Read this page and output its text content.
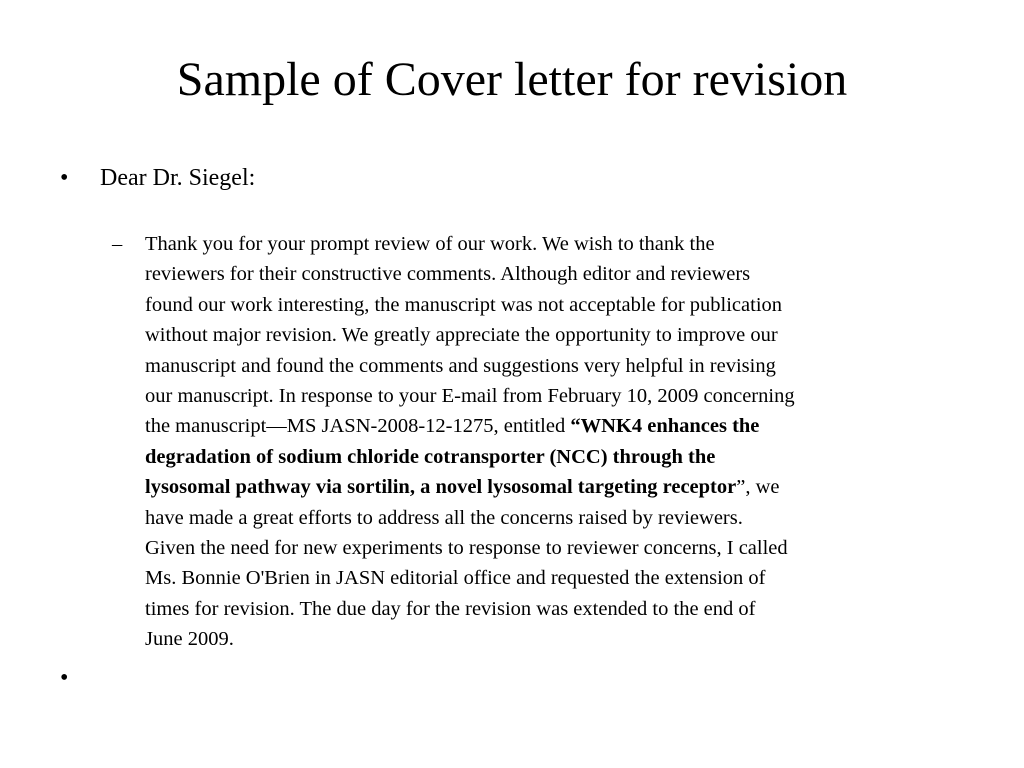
Sample of Cover letter for revision
•	Dear Dr. Siegel:
– Thank you for your prompt review of our work. We wish to thank the
reviewers for their constructive comments. Although editor and reviewers
found our work interesting, the manuscript was not acceptable for publication
without major revision. We greatly appreciate the opportunity to improve our
manuscript and found the comments and suggestions very helpful in revising
our manuscript. In response to your E-mail from February 10, 2009 concerning
the manuscript—MS JASN-2008-12-1275, entitled “WNK4 enhances the
degradation of sodium chloride cotransporter (NCC) through the
lysosomal pathway via sortilin, a novel lysosomal targeting receptor”, we
have made a great efforts to address all the concerns raised by reviewers.
Given the need for new experiments to response to reviewer concerns, I called
Ms. Bonnie O'Brien in JASN editorial office and requested the extension of
times for revision. The due day for the revision was extended to the end of
June 2009.
•
